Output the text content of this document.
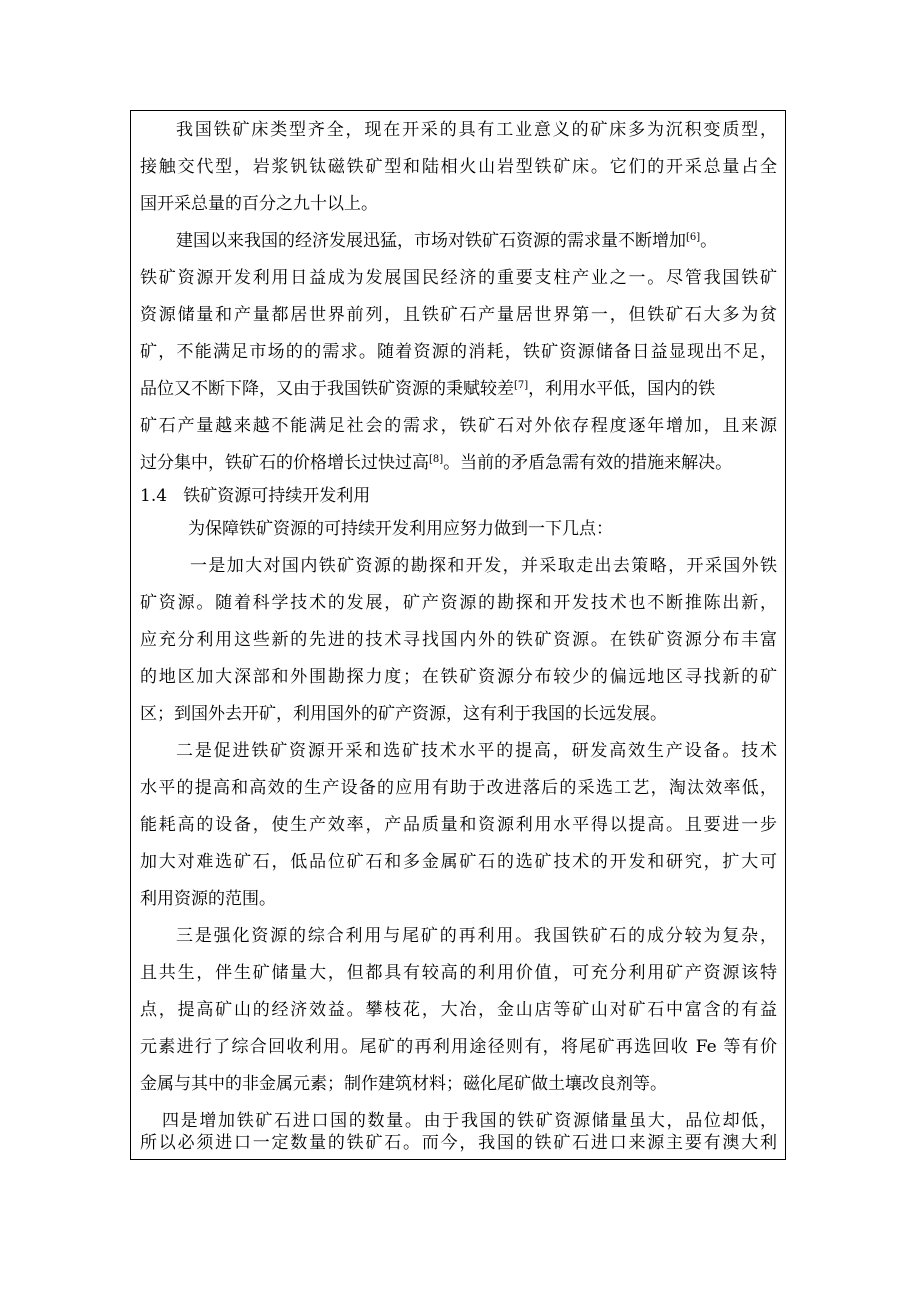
我国铁矿床类型齐全，现在开采的具有工业意义的矿床多为沉积变质型，
接触交代型，岩浆钒钛磁铁矿型和陆相火山岩型铁矿床。它们的开采总量占全
国开采总量的百分之九十以上。
建国以来我国的经济发展迅猛，市场对铁矿石资源的需求量不断增加[6]。
铁矿资源开发利用日益成为发展国民经济的重要支柱产业之一。尽管我国铁矿
资源储量和产量都居世界前列，且铁矿石产量居世界第一，但铁矿石大多为贫
矿，不能满足市场的的需求。随着资源的消耗，铁矿资源储备日益显现出不足，
品位又不断下降，又由于我国铁矿资源的秉赋较差[7]，利用水平低，国内的铁
矿石产量越来越不能满足社会的需求，铁矿石对外依存程度逐年增加，且来源
过分集中，铁矿石的价格增长过快过高[8]。当前的矛盾急需有效的措施来解决。
1.4   铁矿资源可持续开发利用
为保障铁矿资源的可持续开发利用应努力做到一下几点：
一是加大对国内铁矿资源的勘探和开发，并采取走出去策略，开采国外铁
矿资源。随着科学技术的发展，矿产资源的勘探和开发技术也不断推陈出新，
应充分利用这些新的先进的技术寻找国内外的铁矿资源。在铁矿资源分布丰富
的地区加大深部和外围勘探力度；在铁矿资源分布较少的偏远地区寻找新的矿
区；到国外去开矿，利用国外的矿产资源，这有利于我国的长远发展。
二是促进铁矿资源开采和选矿技术水平的提高，研发高效生产设备。技术
水平的提高和高效的生产设备的应用有助于改进落后的采选工艺，淘汰效率低，
能耗高的设备，使生产效率，产品质量和资源利用水平得以提高。且要进一步
加大对难选矿石，低品位矿石和多金属矿石的选矿技术的开发和研究，扩大可
利用资源的范围。
三是强化资源的综合利用与尾矿的再利用。我国铁矿石的成分较为复杂，
且共生，伴生矿储量大，但都具有较高的利用价值，可充分利用矿产资源该特
点，提高矿山的经济效益。攀枝花，大冶，金山店等矿山对矿石中富含的有益
元素进行了综合回收利用。尾矿的再利用途径则有，将尾矿再选回收 Fe 等有价
金属与其中的非金属元素；制作建筑材料；磁化尾矿做土壤改良剂等。
四是增加铁矿石进口国的数量。由于我国的铁矿资源储量虽大，品位却低，
所以必须进口一定数量的铁矿石。而今，我国的铁矿石进口来源主要有澳大利
